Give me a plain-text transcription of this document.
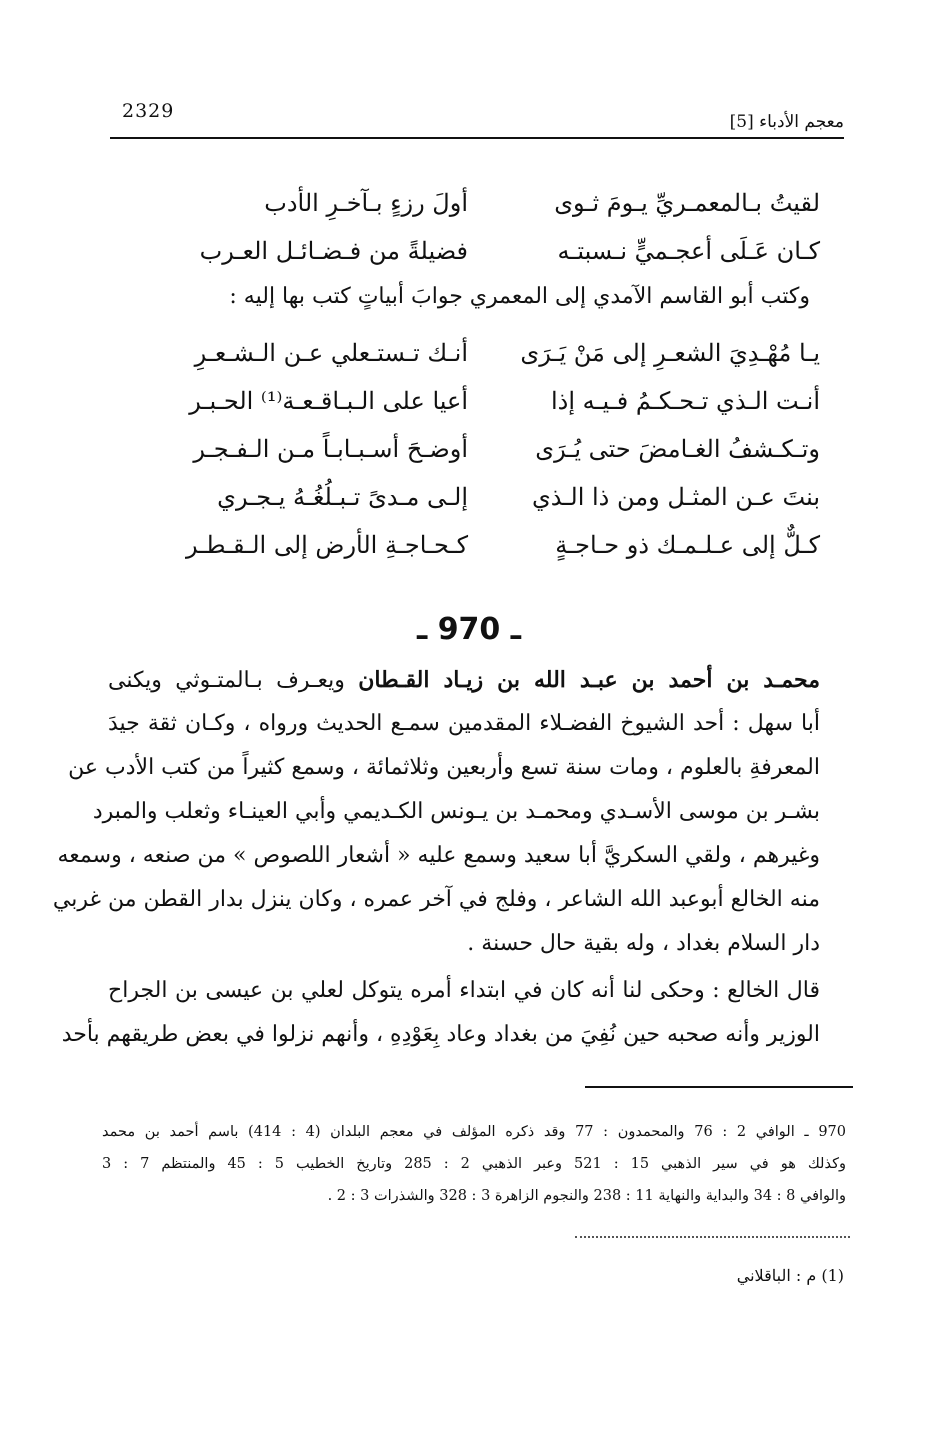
2329	معجم الأدباء [5]
لقيتُ بـالمعمـريِّ يـومَ ثـوى
أولَ رزءٍ بـآخـرِ الأدب
كـان عَـلَى أعجـميٍّ نـسبتـه
فضيلةً من فـضـائـل العـرب
وكتب أبو القاسم الآمدي إلى المعمري جوابَ أبياتٍ كتب بها إليه :
يـا مُهْـدِيَ الشعـرِ إلى مَنْ يَـرَى
أنـك تـستـعلي عـن الـشـعـرِ
أنـت الـذي تـحـكـمُ فـيـه إذا
أعيا على الـبـاقـعـة⁽¹⁾ الحـبـر
وتـكـشفُ الغـامضَ حتى يُـرَى
أوضـحَ أسـبـابـاً مـن الـفـجـر
بنتَ عـن المثـل ومن ذا الـذي
إلـى مـدىً تـبـلُغُـهُ يـجـري
كـلٌّ إلى عـلـمـك ذو حـاجـةٍ
كـحـاجـةِ الأرض إلى الـقـطـر
ـ 970 ـ
محمـد بن أحمد بن عبـد الله بن زيـاد القـطان ويعـرف بـالمتـوثي ويكنى
أبا سهل : أحد الشيوخ الفضـلاء المقدمين سمـع الحديث ورواه ، وكـان ثقة جيدَ
المعرفةِ بالعلوم ، ومات سنة تسع وأربعين وثلاثمائة ، وسمع كثيراً من كتب الأدب عن
بشـر بن موسى الأسـدي ومحمـد بن يـونس الكـديمي وأبي العينـاء وثعلب والمبرد
وغيرهم ، ولقي السكريَّ أبا سعيد وسمع عليه « أشعار اللصوص » من صنعه ، وسمعه
منه الخالع أبوعبد الله الشاعر ، وفلج في آخر عمره ، وكان ينزل بدار القطن من غربي
دار السلام بغداد ، وله بقية حال حسنة .
قال الخالع : وحكى لنا أنه كان في ابتداء أمره يتوكل لعلي بن عيسى بن الجراح
الوزير وأنه صحبه حين نُفِيَ من بغداد وعاد بِعَوْدِهِ ، وأنهم نزلوا في بعض طريقهم بأحد
970 ـ الوافي 2 : 76 والمحمدون : 77 وقد ذكره المؤلف في معجم البلدان (4 : 414) باسم أحمد بن محمد
وكذلك هو في سير الذهبي 15 : 521 وعبر الذهبي 2 : 285 وتاريخ الخطيب 5 : 45 والمنتظم 7 : 3
والوافي 8 : 34 والبداية والنهاية 11 : 238 والنجوم الزاهرة 3 : 328 والشذرات 3 : 2 .
(1) م : الباقلاني
